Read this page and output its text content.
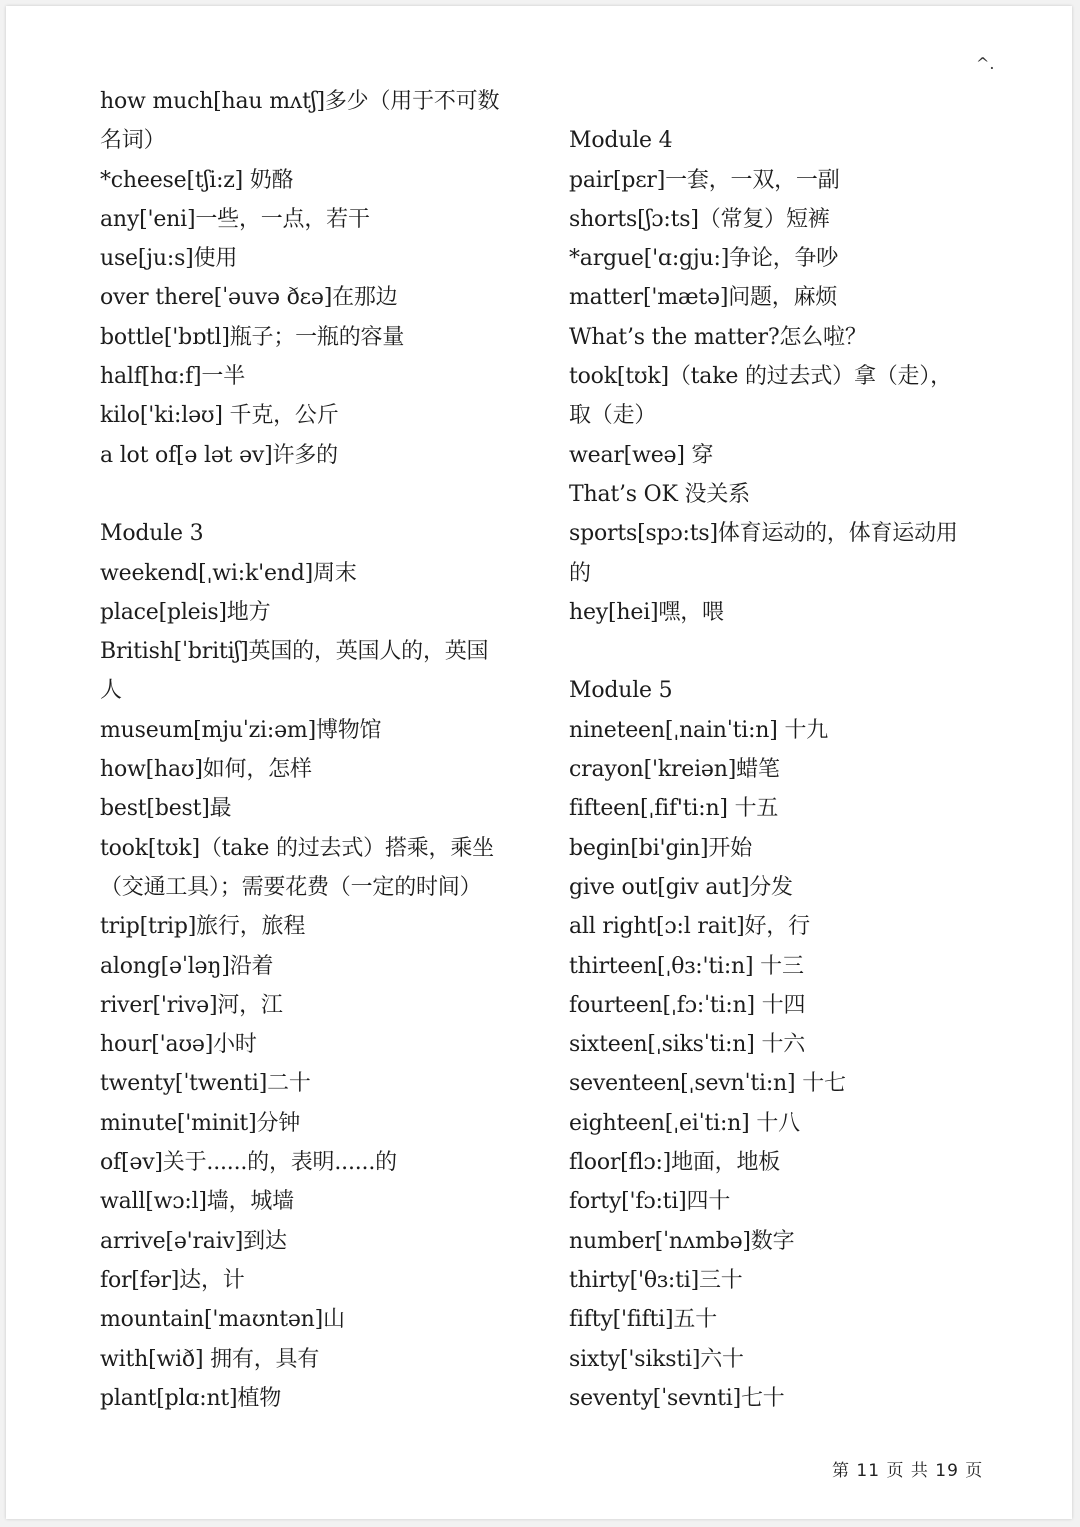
^.
how much[hau mʌtʃ]多少（用于不可数
名词）
*cheese[tʃi:z] 奶酪
any['eni]一些，一点，若干
use[ju:s]使用
over there[ˈəuvə ðɛə]在那边
bottle['bɒtl]瓶子；一瓶的容量
half[hɑ:f]一半
kilo['ki:ləʊ] 千克，公斤
a lot of[ə lət əv]许多的
Module 3
weekend[ˌwi:k'end]周末
place[pleis]地方
British[ˈbritiʃ]英国的，英国人的，英国
人
museum[mjuˈzi:əm]博物馆
how[haʊ]如何，怎样
best[best]最
took[tʊk]（take 的过去式）搭乘，乘坐
（交通工具）；需要花费（一定的时间）
trip[trip]旅行，旅程
along[əˈləŋ]沿着
river['rivə]河，江
hour['aʊə]小时
twenty[ˈtwenti]二十
minute['minit]分钟
of[əv]关于......的，表明......的
wall[wɔ:l]墙，城墙
arrive[ə'raiv]到达
for[fər]达，计
mountain['maʊntən]山
with[wið] 拥有，具有
plant[plɑ:nt]植物
Module 4
pair[pɛr]一套，一双，一副
shorts[ʃɔ:ts]（常复）短裤
*argue['ɑ:gju:]争论，争吵
matter['mætə]问题，麻烦
What’s the matter?怎么啦？
took[tʊk]（take 的过去式）拿（走），
取（走）
wear[weə] 穿
That’s OK 没关系
sports[spɔ:ts]体育运动的，体育运动用
的
hey[hei]嘿，喂
Module 5
nineteen[ˌnainˈti:n] 十九
crayon['kreiən]蜡笔
fifteen[ˌfif'ti:n] 十五
begin[bi'gin]开始
give out[giv aut]分发
all right[ɔ:l rait]好，行
thirteen[ˌθɜ:'ti:n] 十三
fourteen[ˌfɔ:ˈti:n] 十四
sixteen[ˌsiksˈti:n] 十六
seventeen[ˌsevnˈti:n] 十七
eighteen[ˌeiˈti:n] 十八
floor[flɔ:]地面，地板
forty['fɔ:ti]四十
number[ˈnʌmbə]数字
thirty['θɜ:ti]三十
fifty['fifti]五十
sixty['siksti]六十
seventy[ˈsevnti]七十
第 11 页 共 19 页
